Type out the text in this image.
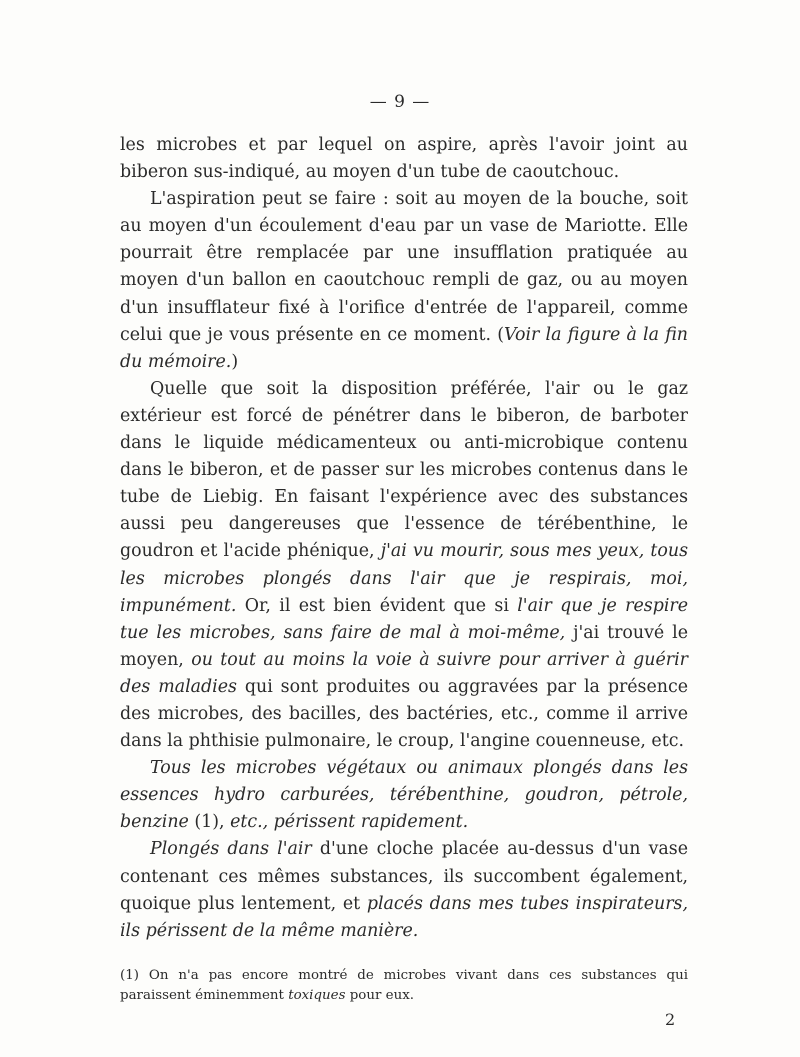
— 9 —

les microbes et par lequel on aspire, après l'avoir joint au biberon sus-indiqué, au moyen d'un tube de caoutchouc.

L'aspiration peut se faire : soit au moyen de la bouche, soit au moyen d'un écoulement d'eau par un vase de Mariotte. Elle pourrait être remplacée par une insufflation pratiquée au moyen d'un ballon en caoutchouc rempli de gaz, ou au moyen d'un insufflateur fixé à l'orifice d'entrée de l'appareil, comme celui que je vous présente en ce moment. (Voir la figure à la fin du mémoire.)

Quelle que soit la disposition préférée, l'air ou le gaz extérieur est forcé de pénétrer dans le biberon, de barboter dans le liquide médicamenteux ou anti-microbique contenu dans le biberon, et de passer sur les microbes contenus dans le tube de Liebig. En faisant l'expérience avec des substances aussi peu dangereuses que l'essence de térébenthine, le goudron et l'acide phénique, j'ai vu mourir, sous mes yeux, tous les microbes plongés dans l'air que je respirais, moi, impunément. Or, il est bien évident que si l'air que je respire tue les microbes, sans faire de mal à moi-même, j'ai trouvé le moyen, ou tout au moins la voie à suivre pour arriver à guérir des maladies qui sont produites ou aggravées par la présence des microbes, des bacilles, des bactéries, etc., comme il arrive dans la phthisie pulmonaire, le croup, l'angine couenneuse, etc.

Tous les microbes végétaux ou animaux plongés dans les essences hydro carburées, térébenthine, goudron, pétrole, benzine (1), etc., périssent rapidement.

Plongés dans l'air d'une cloche placée au-dessus d'un vase contenant ces mêmes substances, ils succombent également, quoique plus lentement, et placés dans mes tubes inspirateurs, ils périssent de la même manière.

(1) On n'a pas encore montré de microbes vivant dans ces substances qui paraissent éminemment toxiques pour eux.

2
